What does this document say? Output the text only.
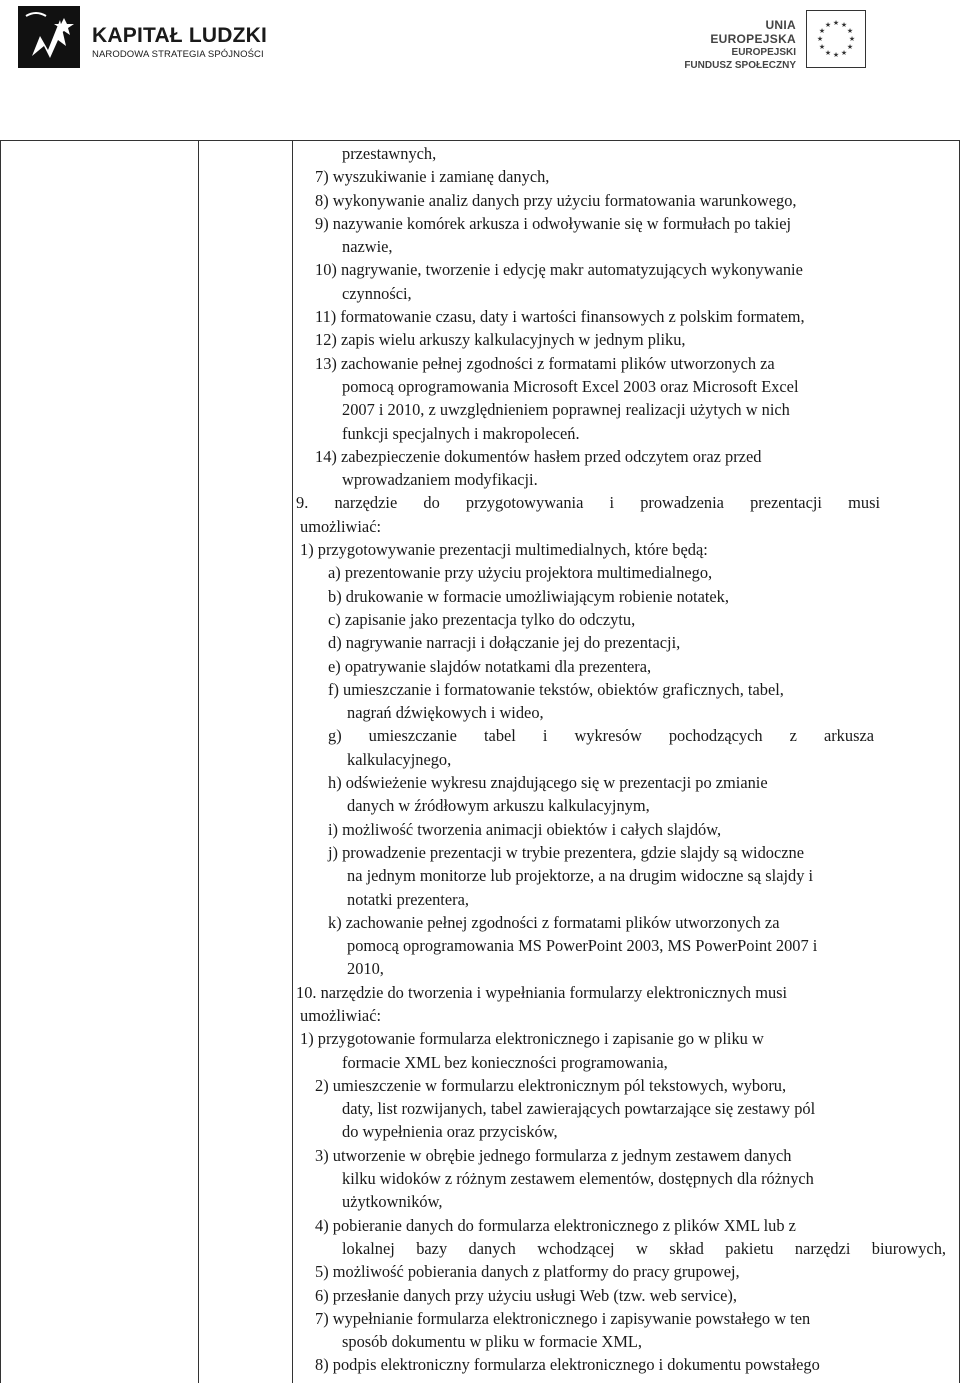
KAPITAŁ LUDZKI
NARODOWA STRATEGIA SPÓJNOŚCI
UNIA EUROPEJSKA
EUROPEJSKI
FUNDUSZ SPOŁECZNY
★ ★
★
★
★
★
★
★
★
★
★
★
przestawnych,
7) wyszukiwanie i zamianę danych,
8) wykonywanie analiz danych przy użyciu formatowania warunkowego,
9) nazywanie komórek arkusza i odwoływanie się w formułach po takiej
nazwie,
10) nagrywanie, tworzenie i edycję makr automatyzujących wykonywanie
czynności,
11) formatowanie czasu, daty i wartości finansowych z polskim formatem,
12) zapis wielu arkuszy kalkulacyjnych w jednym pliku,
13) zachowanie pełnej zgodności z formatami plików utworzonych za
pomocą oprogramowania Microsoft Excel 2003 oraz Microsoft Excel
2007 i 2010, z uwzględnieniem poprawnej realizacji użytych w nich
funkcji specjalnych i makropoleceń.
14) zabezpieczenie dokumentów hasłem przed odczytem oraz przed
wprowadzaniem modyfikacji.
9. narzędzie do przygotowywania i prowadzenia prezentacji musi
umożliwiać:
1) przygotowywanie prezentacji multimedialnych, które będą:
a) prezentowanie przy użyciu projektora multimedialnego,
b) drukowanie w formacie umożliwiającym robienie notatek,
c) zapisanie jako prezentacja tylko do odczytu,
d) nagrywanie narracji i dołączanie jej do prezentacji,
e) opatrywanie slajdów notatkami dla prezentera,
f) umieszczanie i formatowanie tekstów, obiektów graficznych, tabel,
nagrań dźwiękowych i wideo,
g) umieszczanie tabel i wykresów pochodzących z arkusza
kalkulacyjnego,
h) odświeżenie wykresu znajdującego się w prezentacji po zmianie
danych w źródłowym arkuszu kalkulacyjnym,
i) możliwość tworzenia animacji obiektów i całych slajdów,
j) prowadzenie prezentacji w trybie prezentera, gdzie slajdy są widoczne
na jednym monitorze lub projektorze, a na drugim widoczne są slajdy i
notatki prezentera,
k) zachowanie pełnej zgodności z formatami plików utworzonych za
pomocą oprogramowania MS PowerPoint 2003, MS PowerPoint 2007 i
2010,
10. narzędzie do tworzenia i wypełniania formularzy elektronicznych musi
umożliwiać:
1) przygotowanie formularza elektronicznego i zapisanie go w pliku w
formacie XML bez konieczności programowania,
2) umieszczenie w formularzu elektronicznym pól tekstowych, wyboru,
daty, list rozwijanych, tabel zawierających powtarzające się zestawy pól
do wypełnienia oraz przycisków,
3) utworzenie w obrębie jednego formularza z jednym zestawem danych
kilku widoków z różnym zestawem elementów, dostępnych dla różnych
użytkowników,
4) pobieranie danych do formularza elektronicznego z plików XML lub z
lokalnej bazy danych wchodzącej w skład pakietu narzędzi biurowych,
5) możliwość pobierania danych z platformy do pracy grupowej,
6) przesłanie danych przy użyciu usługi Web (tzw. web service),
7) wypełnianie formularza elektronicznego i zapisywanie powstałego w ten
sposób dokumentu w pliku w formacie XML,
8) podpis elektroniczny formularza elektronicznego i dokumentu powstałego
